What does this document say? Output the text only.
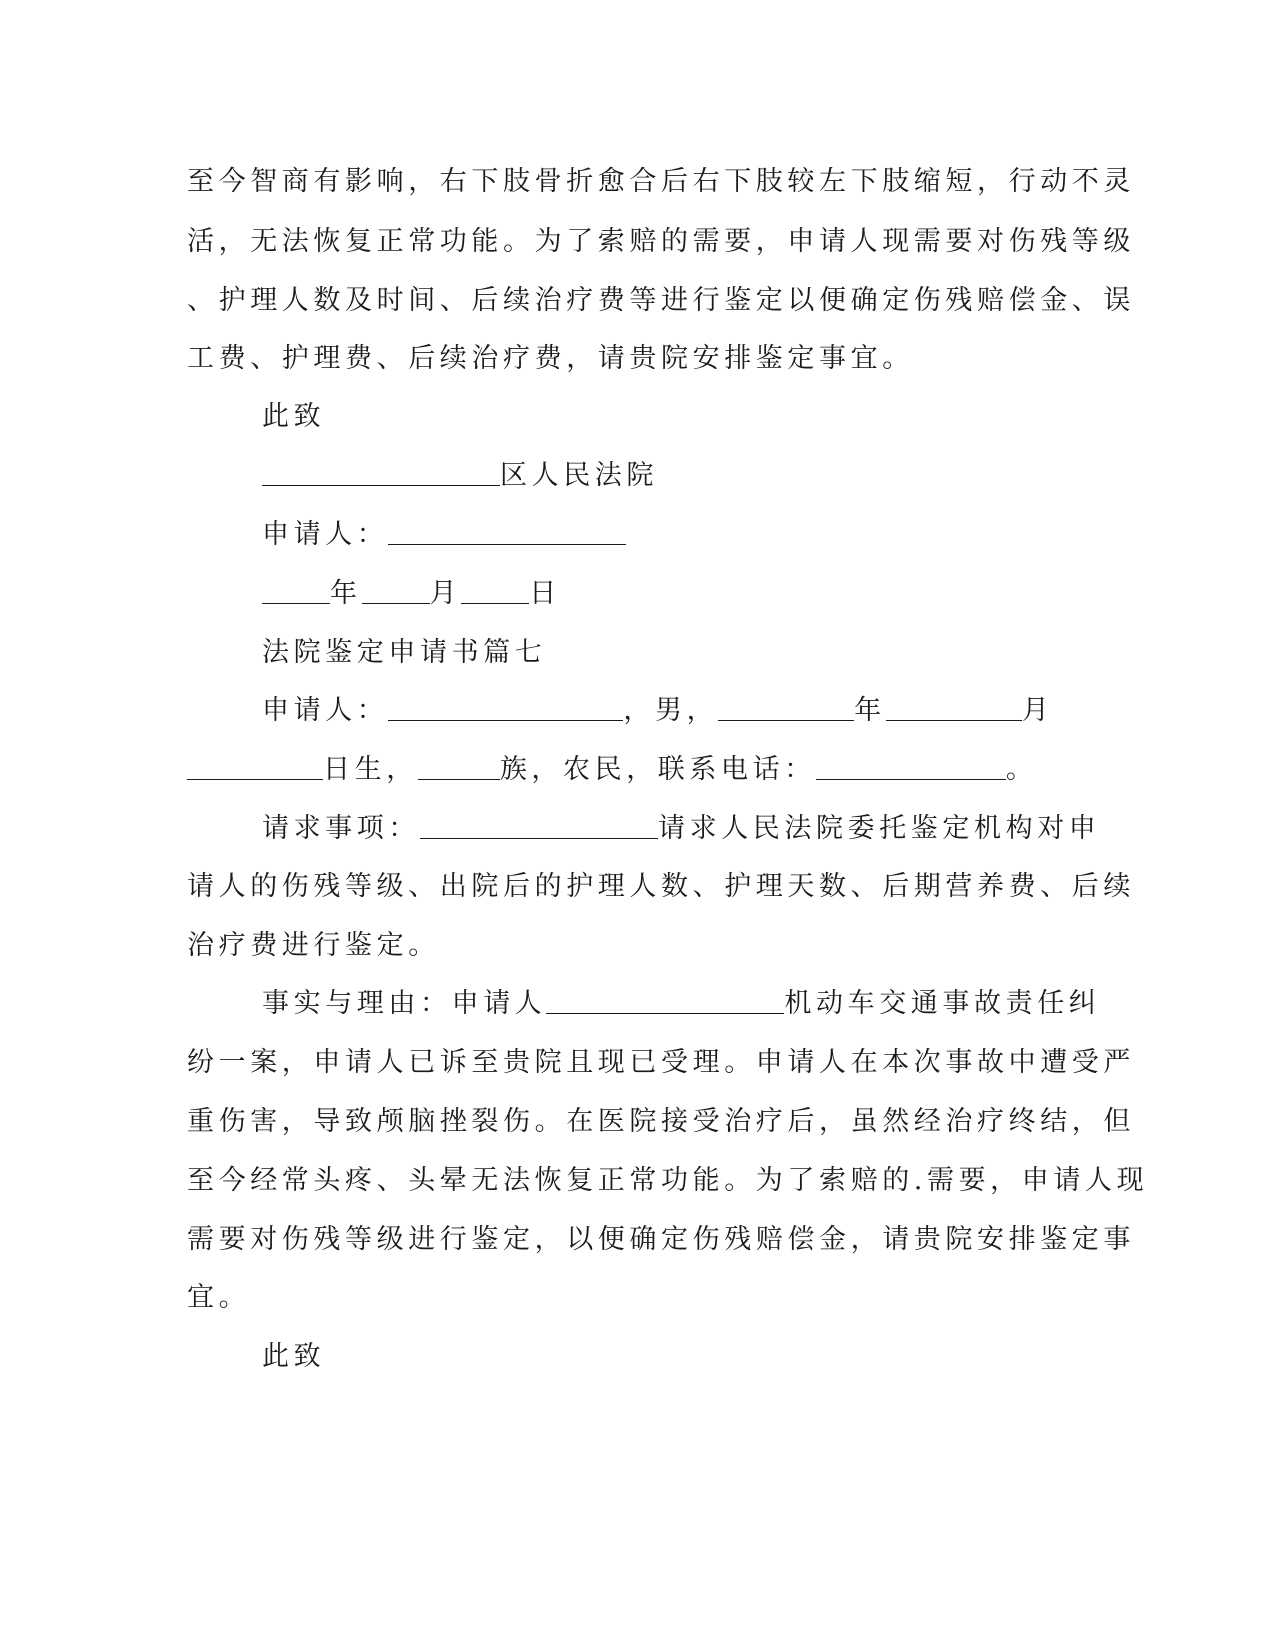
至今智商有影响，右下肢骨折愈合后右下肢较左下肢缩短，行动不灵
活，无法恢复正常功能。为了索赔的需要，申请人现需要对伤残等级
、护理人数及时间、后续治疗费等进行鉴定以便确定伤残赔偿金、误
工费、护理费、后续治疗费，请贵院安排鉴定事宜。
此致
区人民法院
申请人：
年	月	日
法院鉴定申请书篇七
申请人：	，男，	年	月
日生，	族，农民，联系电话：	。
请求事项：	请求人民法院委托鉴定机构对申
请人的伤残等级、出院后的护理人数、护理天数、后期营养费、后续
治疗费进行鉴定。
事实与理由：申请人	机动车交通事故责任纠
纷一案，申请人已诉至贵院且现已受理。申请人在本次事故中遭受严
重伤害，导致颅脑挫裂伤。在医院接受治疗后，虽然经治疗终结，但
至今经常头疼、头晕无法恢复正常功能。为了索赔的.需要，申请人现
需要对伤残等级进行鉴定，以便确定伤残赔偿金，请贵院安排鉴定事
宜。
此致
